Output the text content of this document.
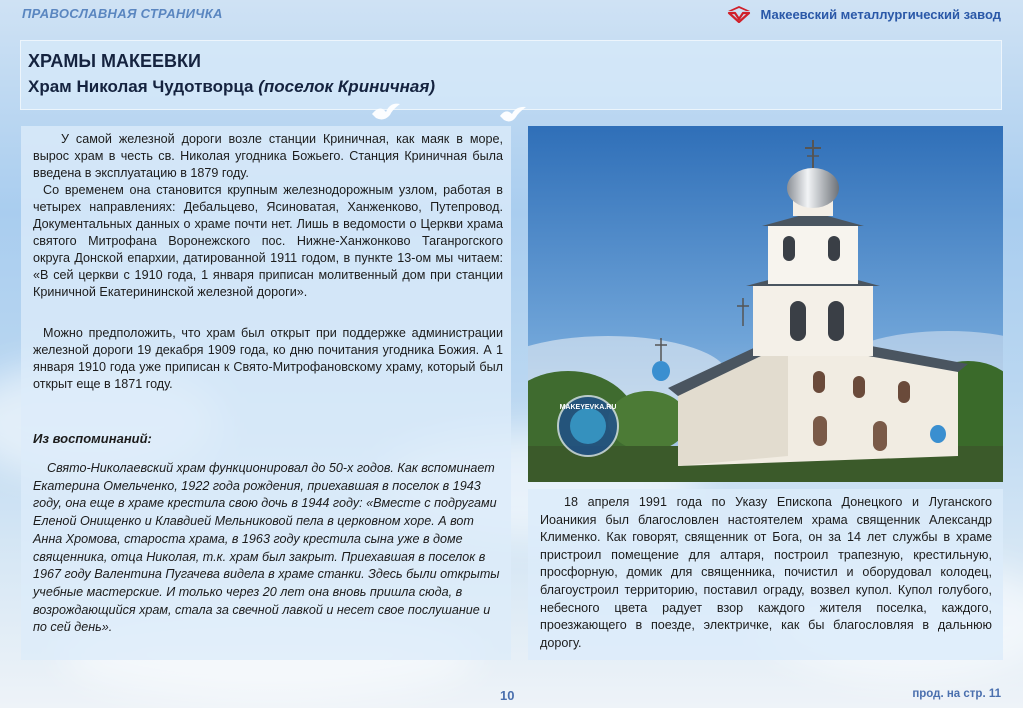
ПРАВОСЛАВНАЯ СТРАНИЧКА	Макеевский металлургический завод
ХРАМЫ МАКЕЕВКИ
Храм Николая Чудотворца (поселок Криничная)

У самой железной дороги возле станции Криничная, как маяк в море, вырос храм в честь св. Николая угодника Божьего. Станция Криничная была введена в эксплуатацию в 1879 году.

Со временем она становится крупным железнодорожным узлом, работая в четырех направлениях: Дебальцево, Ясиноватая, Ханженково, Путепровод. Документальных данных о храме почти нет. Лишь в ведомости о Церкви храма святого Митрофана Воронежского пос. Нижне-Ханжонково Таганрогского округа Донской епархии, датированной 1911 годом, в пункте 13-ом мы читаем: «В сей церкви с 1910 года, 1 января приписан молитвенный дом при станции Криничной Екатерининской железной дороги».

Можно предположить, что храм был открыт при поддержке администрации железной дороги 19 декабря 1909 года, ко дню почитания угодника Божия. А 1 января 1910 года уже приписан к Свято-Митрофановскому храму, который был открыт еще в 1871 году.

Из воспоминаний:

Свято-Николаевский храм функционировал до 50-х годов. Как вспоминает Екатерина Омельченко, 1922 года рождения, приехавшая в поселок в 1943 году, она еще в храме крестила свою дочь в 1944 году: «Вместе с подругами Еленой Онищенко и Клавдией Мельниковой пела в церковном хоре. А вот Анна Хромова, староста храма, в 1963 году крестила сына уже в доме священника, отца Николая, т.к. храм был закрыт. Приехавшая в поселок в 1967 году Валентина Пугачева видела в храме станки. Здесь были открыты учебные мастерские. И только через 20 лет она вновь пришла сюда, в возрождающийся храм, стала за свечной лавкой и несет свое послушание и по сей день».

MAKEYEVKA.RU

18 апреля 1991 года по Указу Епископа Донецкого и Луганского Иоаникия был благословлен настоятелем храма священник Александр Клименко. Как говорят, священник от Бога, он за 14 лет службы в храме пристроил помещение для алтаря, построил трапезную, крестильную, просфорную, домик для священника, почистил и оборудовал колодец, благоустроил территорию, поставил ограду, возвел купол. Купол голубого, небесного цвета радует взор каждого жителя поселка, каждого, проезжающего в поезде, электричке, как бы благословляя в дальнюю дорогу.

10	прод. на стр. 11
